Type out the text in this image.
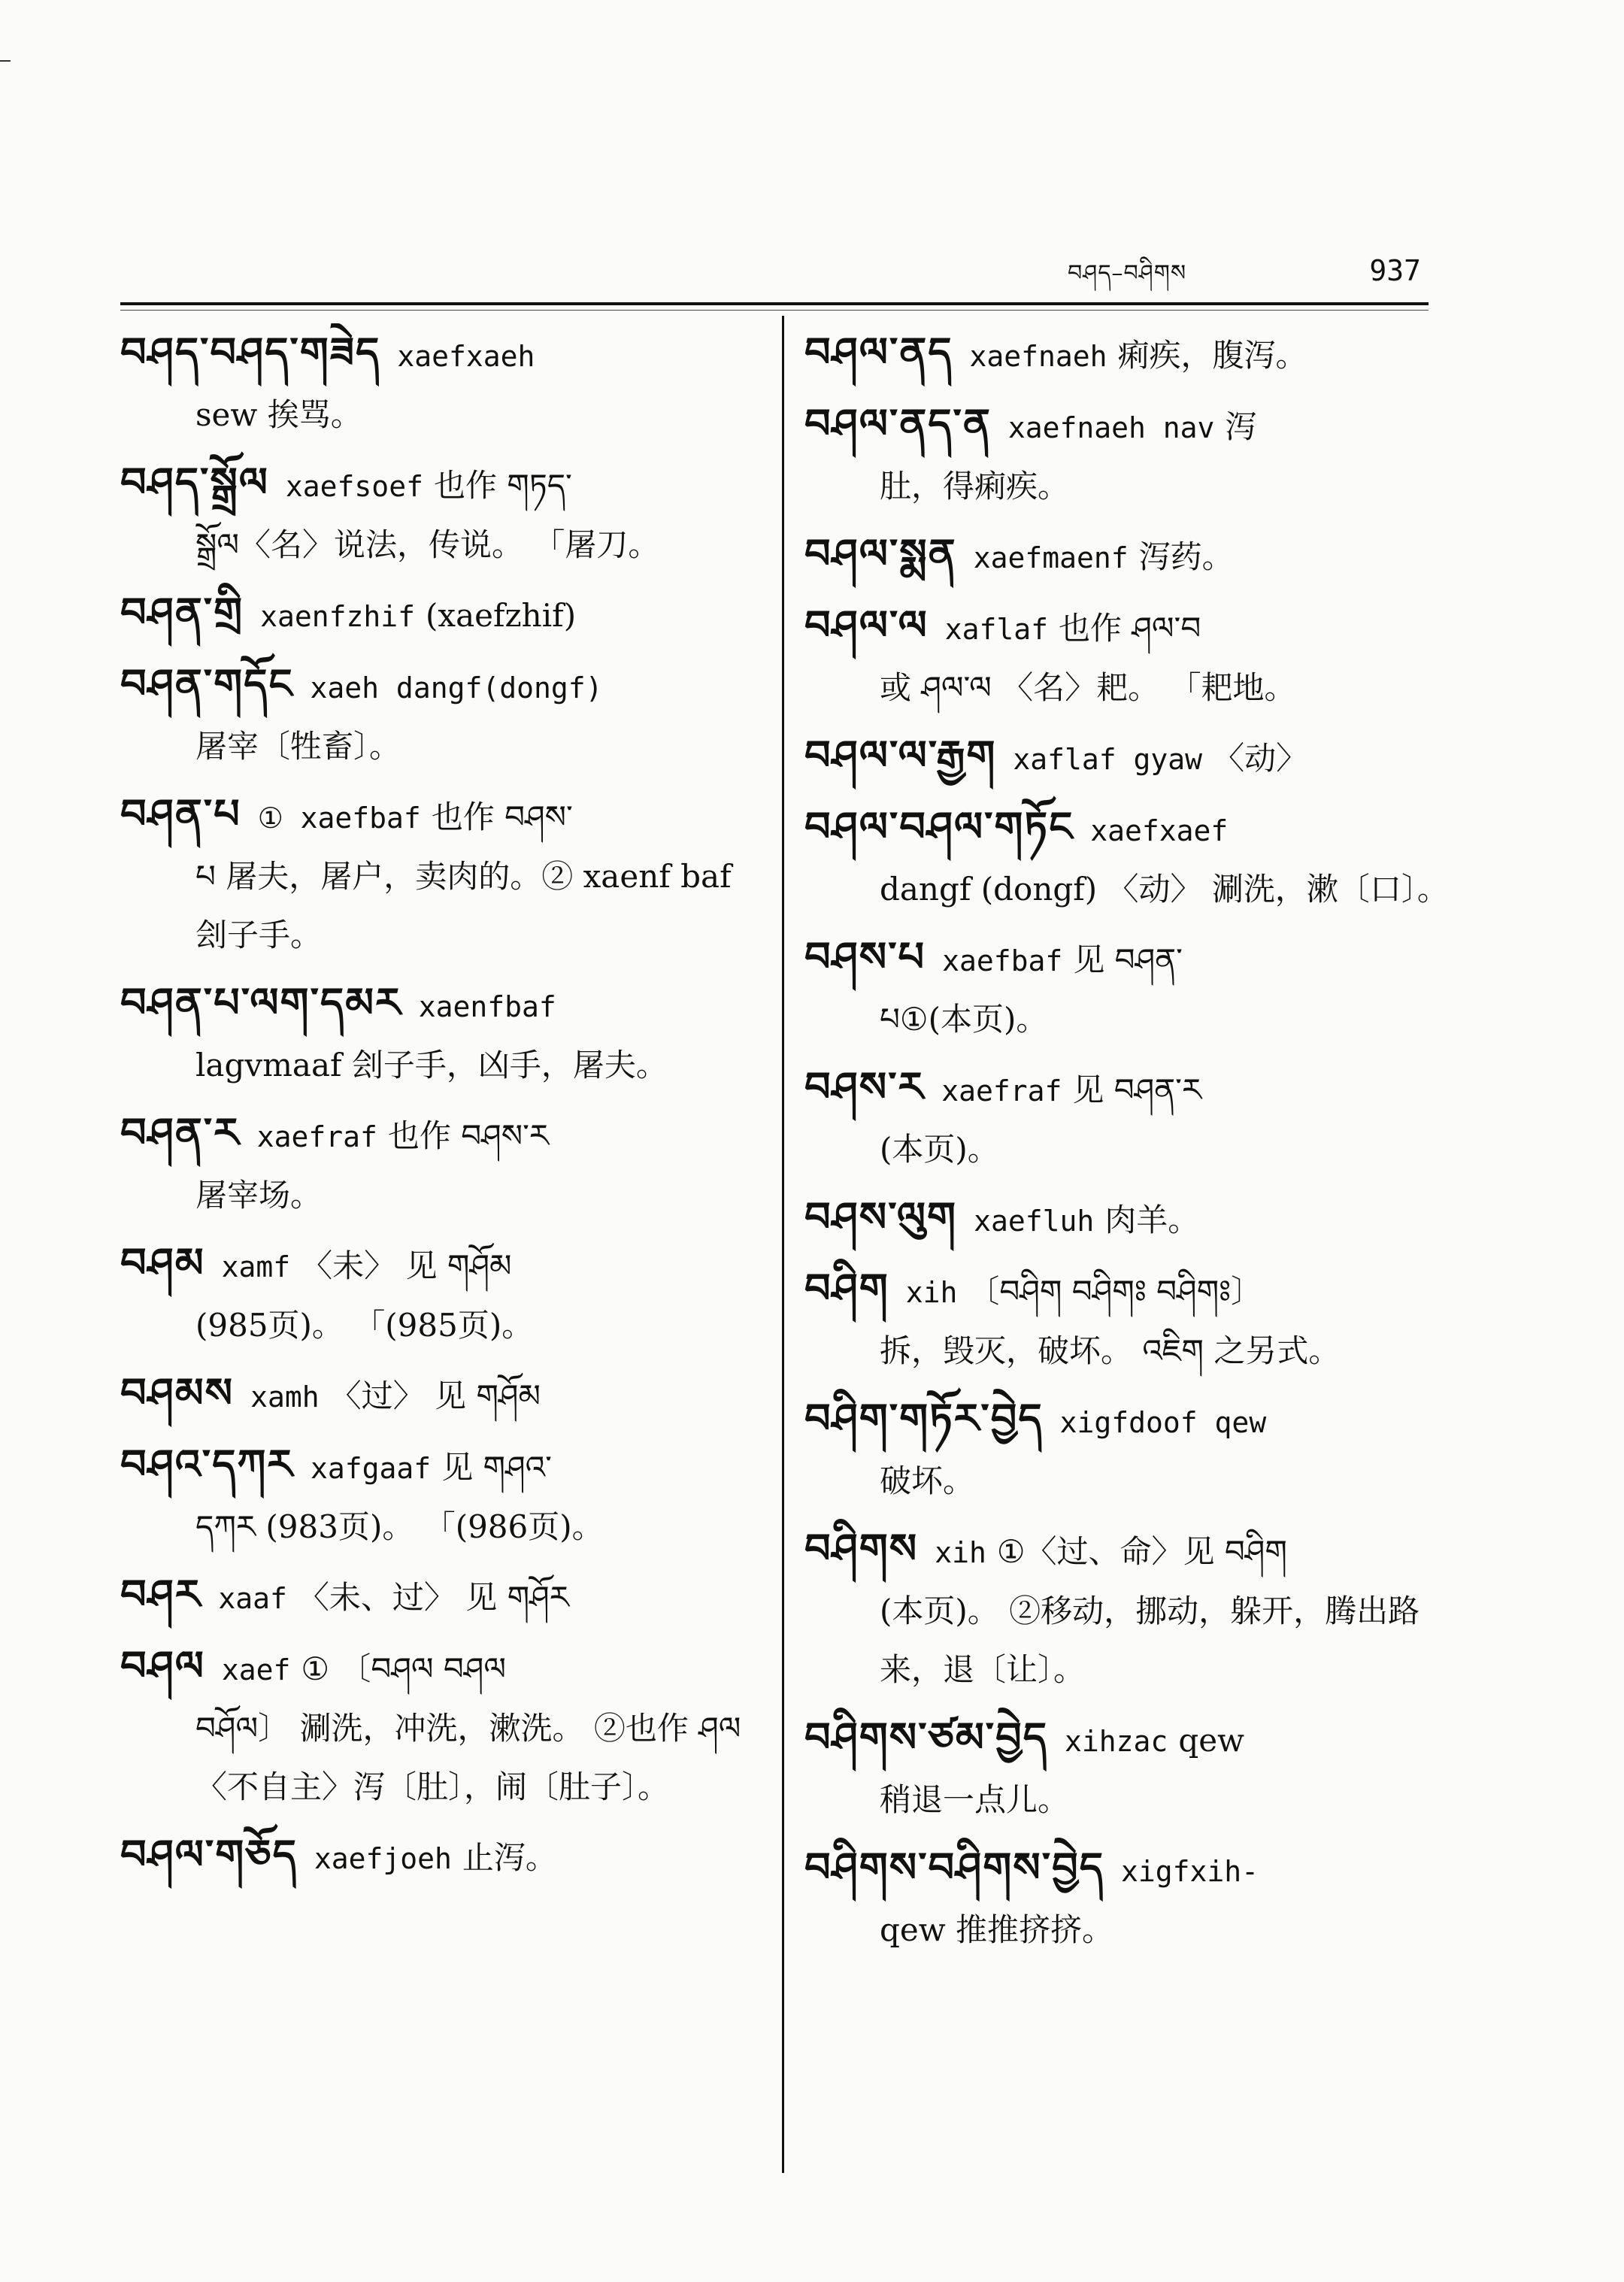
བཤད–བཤིགས	937
བཤད་བཤད་གཟེད xaefxaeh
sew 挨骂。
བཤད་སྒྲོལ xaefsoef 也作 གཏད་
སྒྲོལ〈名〉说法，传说。 「屠刀。
བཤན་གྲི xaenfzhif (xaefzhif)
བཤན་གདོང xaeh dangf(dongf)
屠宰〔牲畜〕。
བཤན་པ ① xaefbaf 也作 བཤས་
པ 屠夫，屠户，卖肉的。② xaenf baf 刽子手。
བཤན་པ་ལག་དམར xaenfbaf
lagvmaaf 刽子手，凶手，屠夫。
བཤན་ར xaefraf 也作 བཤས་ར
屠宰场。
བཤམ xamf 〈未〉 见 གཤོམ
(985页)。 「(985页)。
བཤམས xamh 〈过〉 见 གཤོམ
བཤའ་དཀར xafgaaf 见 གཤའ་
དཀར (983页)。 「(986页)。
བཤར xaaf 〈未、过〉 见 གཤོར
བཤལ xaef ① 〔བཤལ བཤལ
བཤོལ〕 涮洗，冲洗，漱洗。 ②也作 ཤལ 〈不自主〉泻〔肚〕，闹〔肚子〕。
བཤལ་གཅོད xaefjoeh 止泻。
བཤལ་ནད xaefnaeh 痢疾，腹泻。
བཤལ་ནད་ན xaefnaeh nav 泻
肚，得痢疾。
བཤལ་སྨན xaefmaenf 泻药。
བཤལ་ལ xaflaf 也作 ཤལ་བ
或 ཤལ་ལ 〈名〉耙。 「耙地。
བཤལ་ལ་རྒྱག xaflaf gyaw 〈动〉
བཤལ་བཤལ་གཏོང xaefxaef
dangf (dongf) 〈动〉 涮洗，漱〔口〕。
བཤས་པ xaefbaf 见 བཤན་
པ①(本页)。
བཤས་ར xaefraf 见 བཤན་ར
(本页)。
བཤས་ལུག xaefluh 肉羊。
བཤིག xih 〔བཤིག བཤིགཿ བཤིགཿ〕
拆，毁灭，破坏。 འཇིག 之另式。
བཤིག་གཏོར་བྱེད xigfdoof qew
破坏。
བཤིགས xih ①〈过、命〉见 བཤིག
(本页)。 ②移动，挪动，躲开，腾出路来，退〔让〕。
བཤིགས་ཙམ་བྱེད xihzac qew
稍退一点儿。
བཤིགས་བཤིགས་བྱེད xigfxih-
qew 推推挤挤。
